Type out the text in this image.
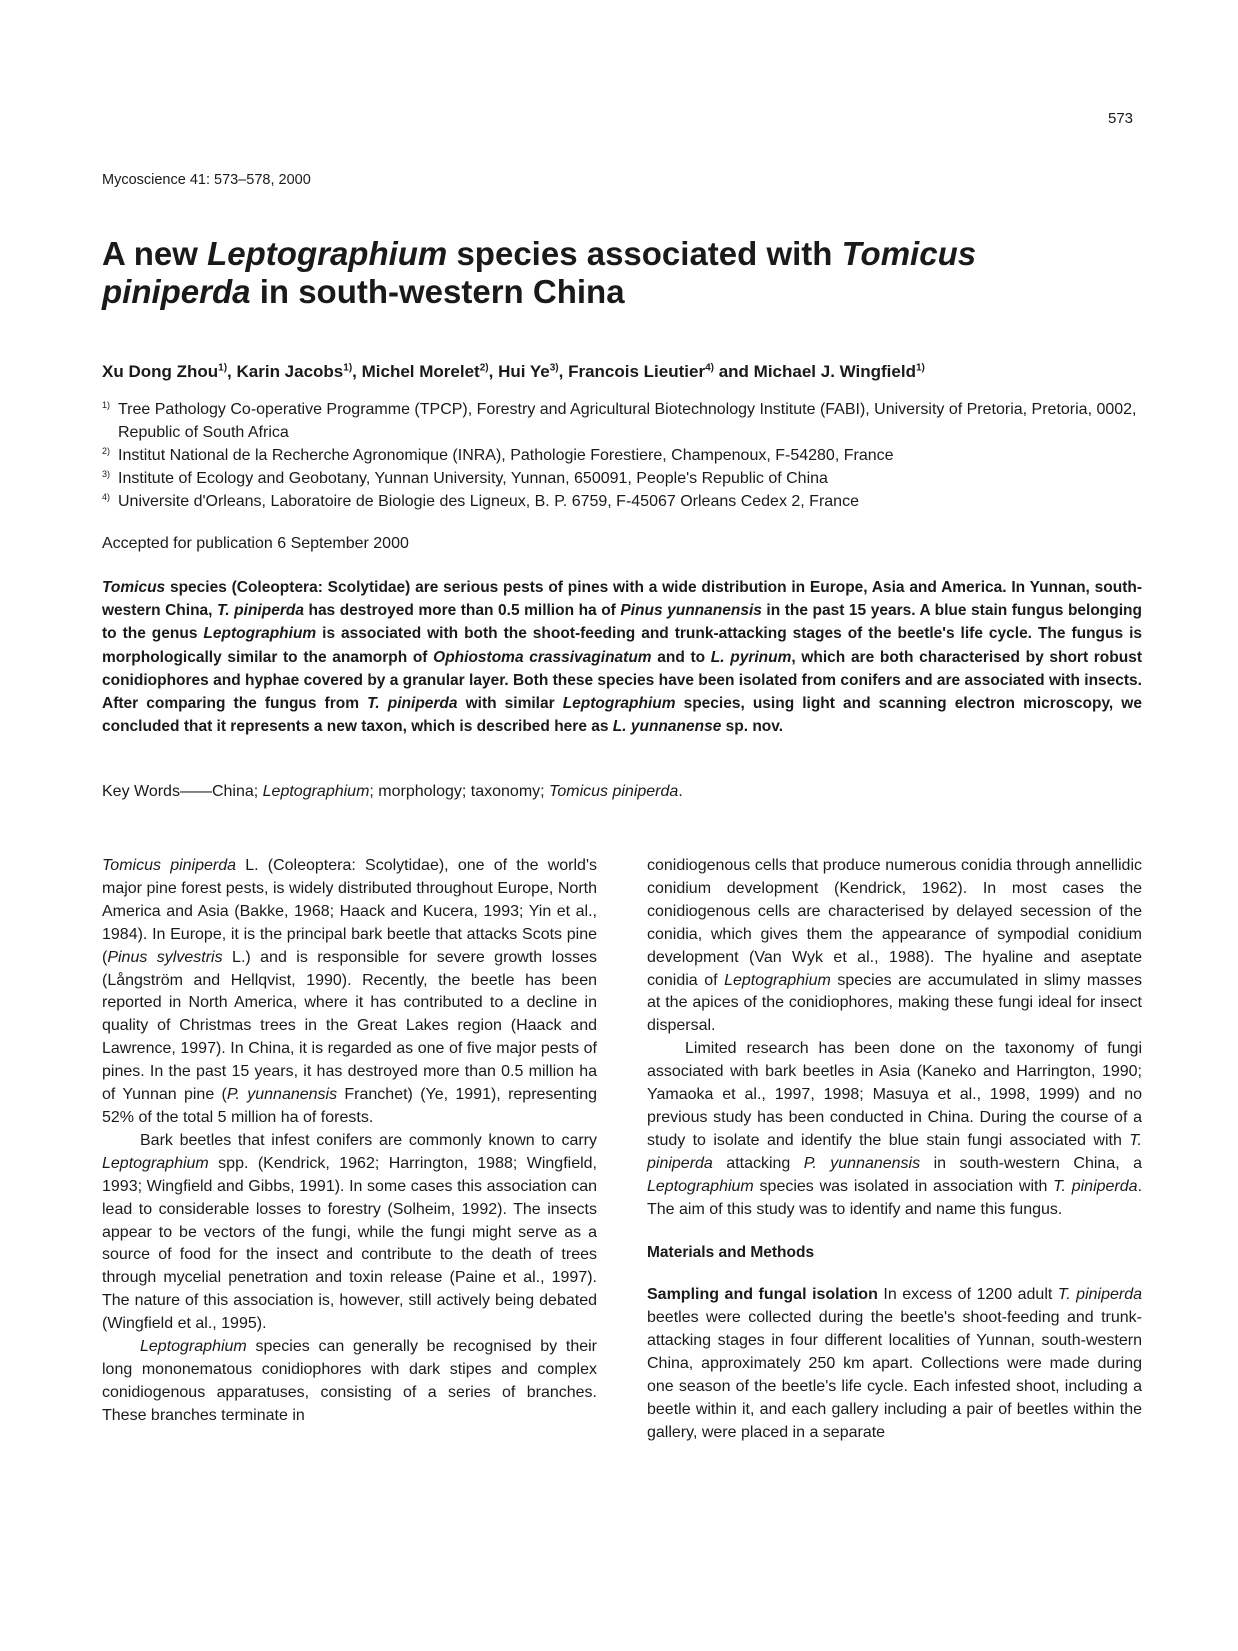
573
Mycoscience 41: 573–578, 2000
A new Leptographium species associated with Tomicus
piniperda in south-western China
Xu Dong Zhou$^{1)}$, Karin Jacobs$^{1)}$, Michel Morelet$^{2)}$, Hui Ye$^{3)}$, Francois Lieutier$^{4)}$ and Michael J. Wingfield$^{1)}$
1) Tree Pathology Co-operative Programme (TPCP), Forestry and Agricultural Biotechnology Institute (FABI), University of Pretoria, Pretoria, 0002, Republic of South Africa
2) Institut National de la Recherche Agronomique (INRA), Pathologie Forestiere, Champenoux, F-54280, France
3) Institute of Ecology and Geobotany, Yunnan University, Yunnan, 650091, People's Republic of China
4) Universite d'Orleans, Laboratoire de Biologie des Ligneux, B. P. 6759, F-45067 Orleans Cedex 2, France
Accepted for publication 6 September 2000
Tomicus species (Coleoptera: Scolytidae) are serious pests of pines with a wide distribution in Europe, Asia and America. In Yunnan, south-western China, T. piniperda has destroyed more than 0.5 million ha of Pinus yunnanensis in the past 15 years. A blue stain fungus belonging to the genus Leptographium is associated with both the shoot-feeding and trunk-attacking stages of the beetle's life cycle. The fungus is morphologically similar to the anamorph of Ophiostoma crassivaginatum and to L. pyrinum, which are both characterised by short robust conidiophores and hyphae covered by a granular layer. Both these species have been isolated from conifers and are associated with insects. After comparing the fungus from T. piniperda with similar Leptographium species, using light and scanning electron microscopy, we concluded that it represents a new taxon, which is described here as L. yunnanense sp. nov.
Key Words——China; Leptographium; morphology; taxonomy; Tomicus piniperda.

Tomicus piniperda L. (Coleoptera: Scolytidae), one of the world's major pine forest pests, is widely distributed throughout Europe, North America and Asia (Bakke, 1968; Haack and Kucera, 1993; Yin et al., 1984). In Europe, it is the principal bark beetle that attacks Scots pine (Pinus sylvestris L.) and is responsible for severe growth losses (Långström and Hellqvist, 1990). Recently, the beetle has been reported in North America, where it has contributed to a decline in quality of Christmas trees in the Great Lakes region (Haack and Lawrence, 1997). In China, it is regarded as one of five major pests of pines. In the past 15 years, it has destroyed more than 0.5 million ha of Yunnan pine (P. yunnanensis Franchet) (Ye, 1991), representing 52% of the total 5 million ha of forests.

Bark beetles that infest conifers are commonly known to carry Leptographium spp. (Kendrick, 1962; Harrington, 1988; Wingfield, 1993; Wingfield and Gibbs, 1991). In some cases this association can lead to considerable losses to forestry (Solheim, 1992). The insects appear to be vectors of the fungi, while the fungi might serve as a source of food for the insect and contribute to the death of trees through mycelial penetration and toxin release (Paine et al., 1997). The nature of this association is, however, still actively being debated (Wingfield et al., 1995).

Leptographium species can generally be recognised by their long mononematous conidiophores with dark stipes and complex conidiogenous apparatuses, consisting of a series of branches. These branches terminate in

conidiogenous cells that produce numerous conidia through annellidic conidium development (Kendrick, 1962). In most cases the conidiogenous cells are characterised by delayed secession of the conidia, which gives them the appearance of sympodial conidium development (Van Wyk et al., 1988). The hyaline and aseptate conidia of Leptographium species are accumulated in slimy masses at the apices of the conidiophores, making these fungi ideal for insect dispersal.

Limited research has been done on the taxonomy of fungi associated with bark beetles in Asia (Kaneko and Harrington, 1990; Yamaoka et al., 1997, 1998; Masuya et al., 1998, 1999) and no previous study has been conducted in China. During the course of a study to isolate and identify the blue stain fungi associated with T. piniperda attacking P. yunnanensis in south-western China, a Leptographium species was isolated in association with T. piniperda. The aim of this study was to identify and name this fungus.

Materials and Methods

Sampling and fungal isolation In excess of 1200 adult T. piniperda beetles were collected during the beetle's shoot-feeding and trunk-attacking stages in four different localities of Yunnan, south-western China, approximately 250 km apart. Collections were made during one season of the beetle's life cycle. Each infested shoot, including a beetle within it, and each gallery including a pair of beetles within the gallery, were placed in a separate
